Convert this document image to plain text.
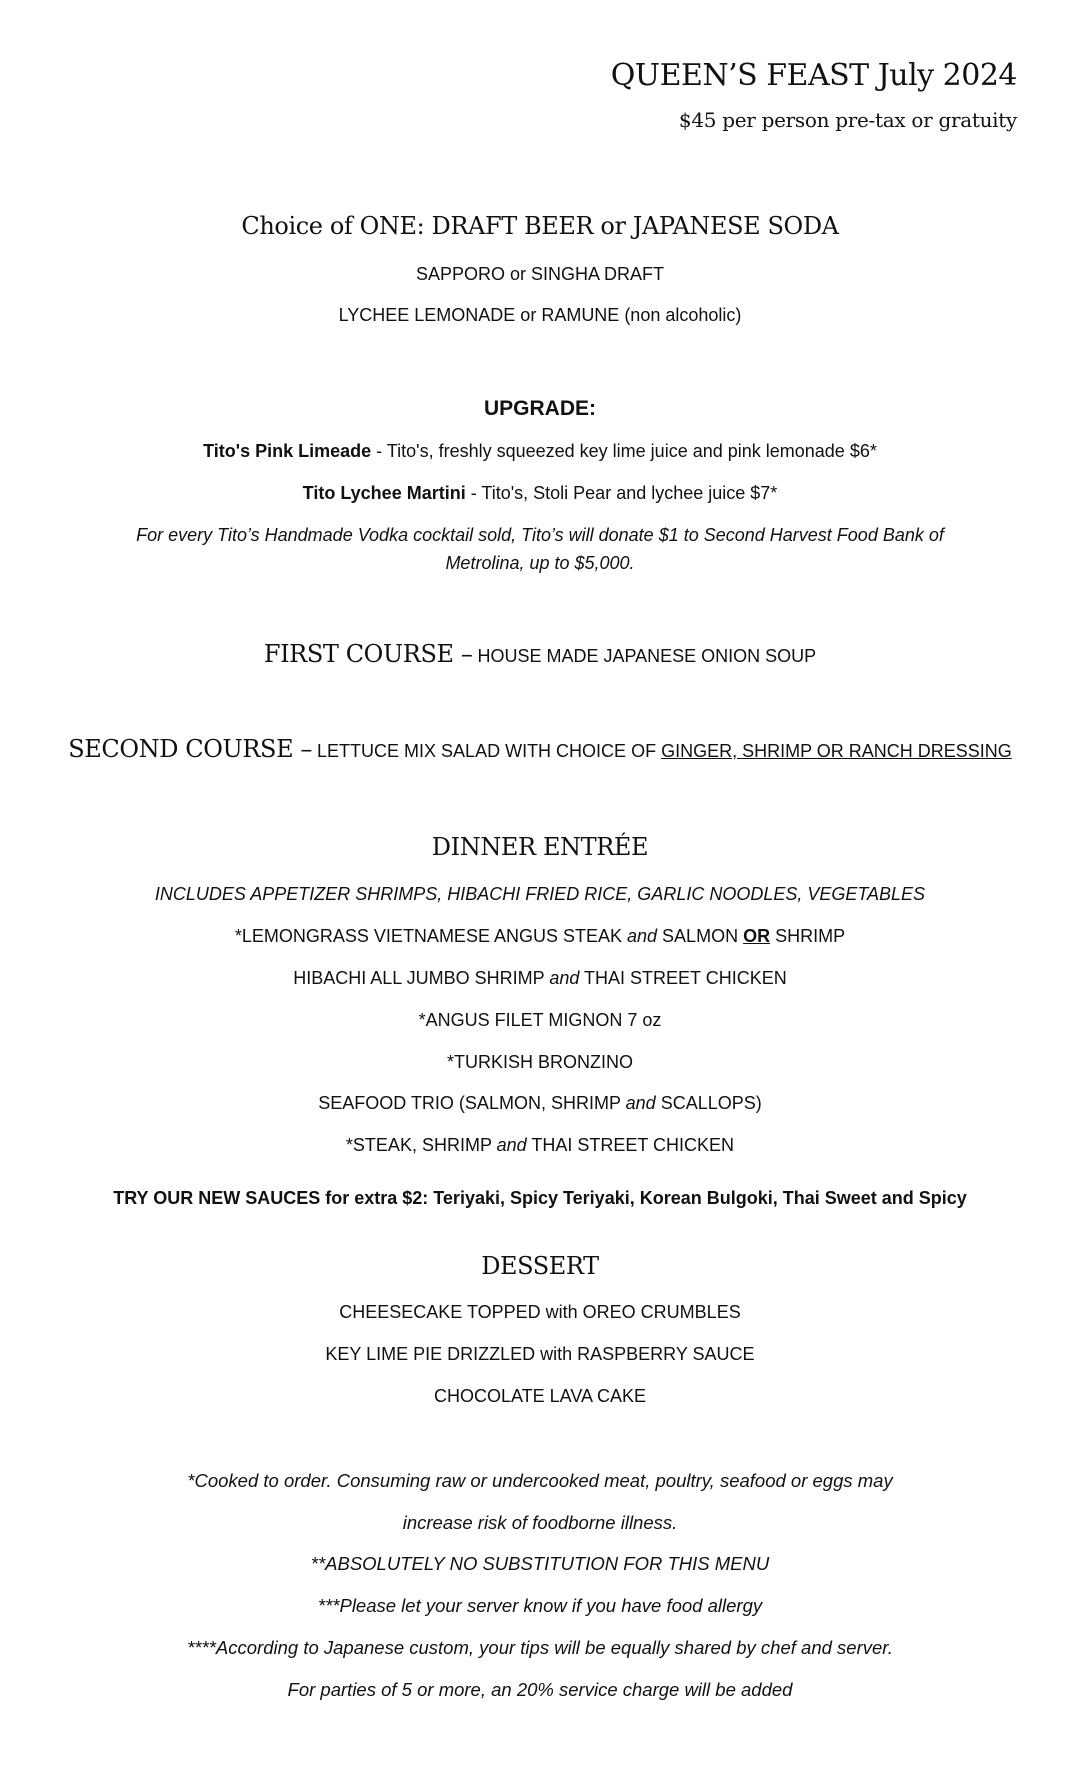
QUEEN’S FEAST July 2024
$45 per person pre-tax or gratuity
Choice of ONE: DRAFT BEER or JAPANESE SODA
SAPPORO or SINGHA DRAFT
LYCHEE LEMONADE or RAMUNE (non alcoholic)
UPGRADE:
Tito's Pink Limeade - Tito's, freshly squeezed key lime juice and pink lemonade $6*
Tito Lychee Martini - Tito's, Stoli Pear and lychee juice $7*
For every Tito’s Handmade Vodka cocktail sold, Tito’s will donate $1 to Second Harvest Food Bank of
Metrolina, up to $5,000.
FIRST COURSE – HOUSE MADE JAPANESE ONION SOUP
SECOND COURSE – LETTUCE MIX SALAD WITH CHOICE OF GINGER, SHRIMP OR RANCH DRESSING
DINNER ENTRÉE
INCLUDES APPETIZER SHRIMPS, HIBACHI FRIED RICE, GARLIC NOODLES, VEGETABLES
*LEMONGRASS VIETNAMESE ANGUS STEAK and SALMON OR SHRIMP
HIBACHI ALL JUMBO SHRIMP and THAI STREET CHICKEN
*ANGUS FILET MIGNON 7 oz
*TURKISH BRONZINO
SEAFOOD TRIO (SALMON, SHRIMP and SCALLOPS)
*STEAK, SHRIMP and THAI STREET CHICKEN
TRY OUR NEW SAUCES for extra $2: Teriyaki, Spicy Teriyaki, Korean Bulgoki, Thai Sweet and Spicy
DESSERT
CHEESECAKE TOPPED with OREO CRUMBLES
KEY LIME PIE DRIZZLED with RASPBERRY SAUCE
CHOCOLATE LAVA CAKE
*Cooked to order. Consuming raw or undercooked meat, poultry, seafood or eggs may
increase risk of foodborne illness.
**ABSOLUTELY NO SUBSTITUTION FOR THIS MENU
***Please let your server know if you have food allergy
****According to Japanese custom, your tips will be equally shared by chef and server.
For parties of 5 or more, an 20% service charge will be added
